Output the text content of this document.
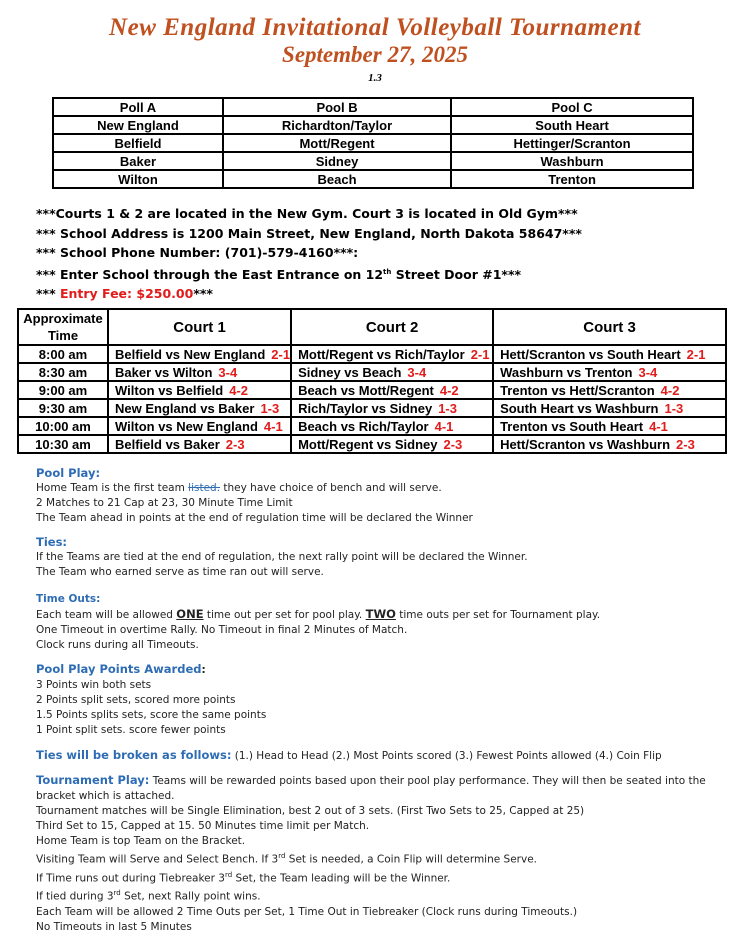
New England Invitational Volleyball Tournament
September 27, 2025
1.3
Poll A	Pool B	Pool C
New England	Richardton/Taylor	South Heart
Belfield	Mott/Regent	Hettinger/Scranton
Baker	Sidney	Washburn
Wilton	Beach	Trenton
***Courts 1 & 2 are located in the New Gym. Court 3 is located in Old Gym***
*** School Address is 1200 Main Street, New England, North Dakota 58647***
*** School Phone Number: (701)-579-4160***:
*** Enter School through the East Entrance on 12th Street Door #1***
*** Entry Fee: $250.00***
Approximate
Time	Court 1	Court 2	Court 3
8:00 am	Belfield vs New England 2-1	Mott/Regent vs Rich/Taylor 2-1	Hett/Scranton vs South Heart 2-1
8:30 am	Baker vs Wilton 3-4	Sidney vs Beach 3-4	Washburn vs Trenton 3-4
9:00 am	Wilton vs Belfield 4-2	Beach vs Mott/Regent 4-2	Trenton vs Hett/Scranton 4-2
9:30 am	New England vs Baker 1-3	Rich/Taylor vs Sidney 1-3	South Heart vs Washburn 1-3
10:00 am	Wilton vs New England 4-1	Beach vs Rich/Taylor 4-1	Trenton vs South Heart 4-1
10:30 am	Belfield vs Baker 2-3	Mott/Regent vs Sidney 2-3	Hett/Scranton vs Washburn 2-3
Pool Play:
Home Team is the first team listed. they have choice of bench and will serve.
2 Matches to 21 Cap at 23, 30 Minute Time Limit
The Team ahead in points at the end of regulation time will be declared the Winner
Ties:
If the Teams are tied at the end of regulation, the next rally point will be declared the Winner.
The Team who earned serve as time ran out will serve.
Time Outs:
Each team will be allowed ONE time out per set for pool play. TWO time outs per set for Tournament play.
One Timeout in overtime Rally. No Timeout in final 2 Minutes of Match.
Clock runs during all Timeouts.
Pool Play Points Awarded:
3 Points win both sets
2 Points split sets, scored more points
1.5 Points splits sets, score the same points
1 Point split sets. score fewer points
Ties will be broken as follows: (1.) Head to Head (2.) Most Points scored (3.) Fewest Points allowed (4.) Coin Flip
Tournament Play: Teams will be rewarded points based upon their pool play performance. They will then be seated into the
bracket which is attached.
Tournament matches will be Single Elimination, best 2 out of 3 sets. (First Two Sets to 25, Capped at 25)
Third Set to 15, Capped at 15. 50 Minutes time limit per Match.
Home Team is top Team on the Bracket.
Visiting Team will Serve and Select Bench. If 3rd Set is needed, a Coin Flip will determine Serve.
If Time runs out during Tiebreaker 3rd Set, the Team leading will be the Winner.
If tied during 3rd Set, next Rally point wins.
Each Team will be allowed 2 Time Outs per Set, 1 Time Out in Tiebreaker (Clock runs during Timeouts.)
No Timeouts in last 5 Minutes
